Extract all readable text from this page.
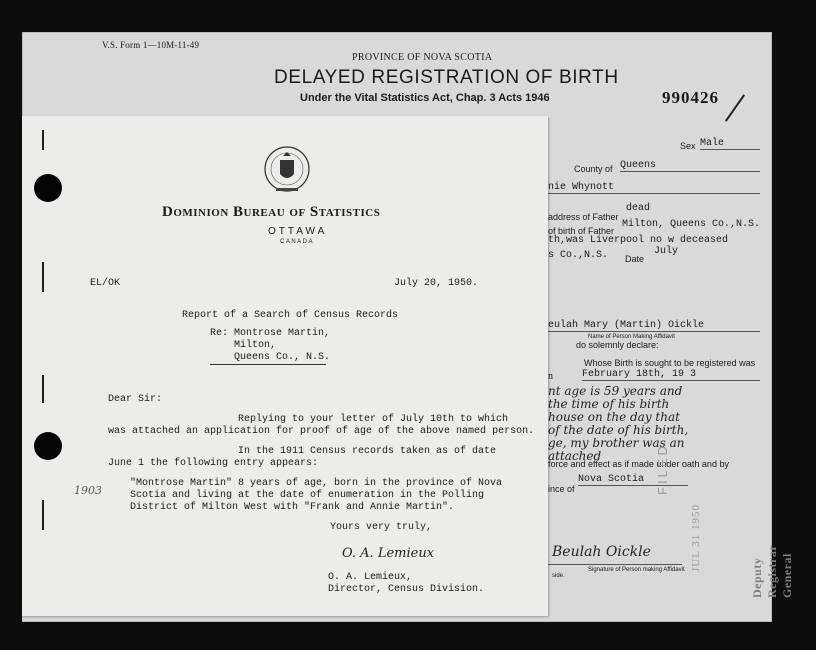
V.S. Form 1—10M-11-49
PROVINCE OF NOVA SCOTIA
DELAYED REGISTRATION OF BIRTH
Under the Vital Statistics Act, Chap. 3 Acts 1946	990426
Sex Male
County of Queens
nie Whynott
address of Father
dead
of birth of Father
Milton, Queens Co.,N.S.
th,was Liverpool no w deceased
s Co.,N.S. Date
July
eulah Mary (Martin) Oickle
Name of Person Making Affidavit
do solemnly declare:
Whose Birth is sought to be registered was
n	February 18th, 19 3
nt age is 59 years and
the time of his birth
house on the day that
of the date of his birth,
ge, my brother was an
attached
force and effect as if made under oath and by
ince of
Nova Scotia
Beulah Oickle
Signature of Person making Affidavit
side.
FILED
JUL 31 1950
Deputy Registrar General
Dominion Bureau of Statistics
OTTAWA
CANADA
EL/OK	July 20, 1950.
Report of a Search of Census Records
Re: Montrose Martin,
Milton,
Queens Co., N.S.
Dear Sir:
Replying to your letter of July 10th to which
was attached an application for proof of age of the above named person.
In the 1911 Census records taken as of date
June 1 the following entry appears:
1903
"Montrose Martin" 8 years of age, born in the province of Nova
Scotia and living at the date of enumeration in the Polling
District of Milton West with "Frank and Annie Martin".
Yours very truly,
O. A. Lemieux
O. A. Lemieux,
Director, Census Division.
